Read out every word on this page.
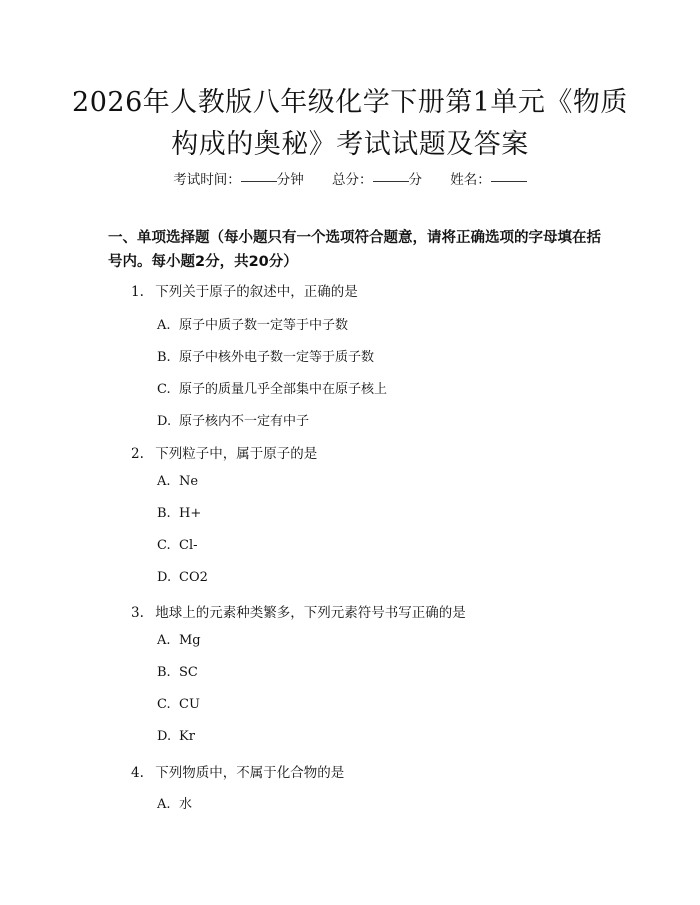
2026年人教版八年级化学下册第1单元《物质构成的奥秘》考试试题及答案
考试时间：	分钟 总分：	分 姓名：
一、单项选择题（每小题只有一个选项符合题意，请将正确选项的字母填在括号内。每小题2分，共20分）
1. 下列关于原子的叙述中，正确的是
A. 原子中质子数一定等于中子数
B. 原子中核外电子数一定等于质子数
C. 原子的质量几乎全部集中在原子核上
D. 原子核内不一定有中子
2. 下列粒子中，属于原子的是
A. Ne
B. H+
C. Cl-
D. CO2
3. 地球上的元素种类繁多，下列元素符号书写正确的是
A. Mg
B. SC
C. CU
D. Kr
4. 下列物质中，不属于化合物的是
A. 水
